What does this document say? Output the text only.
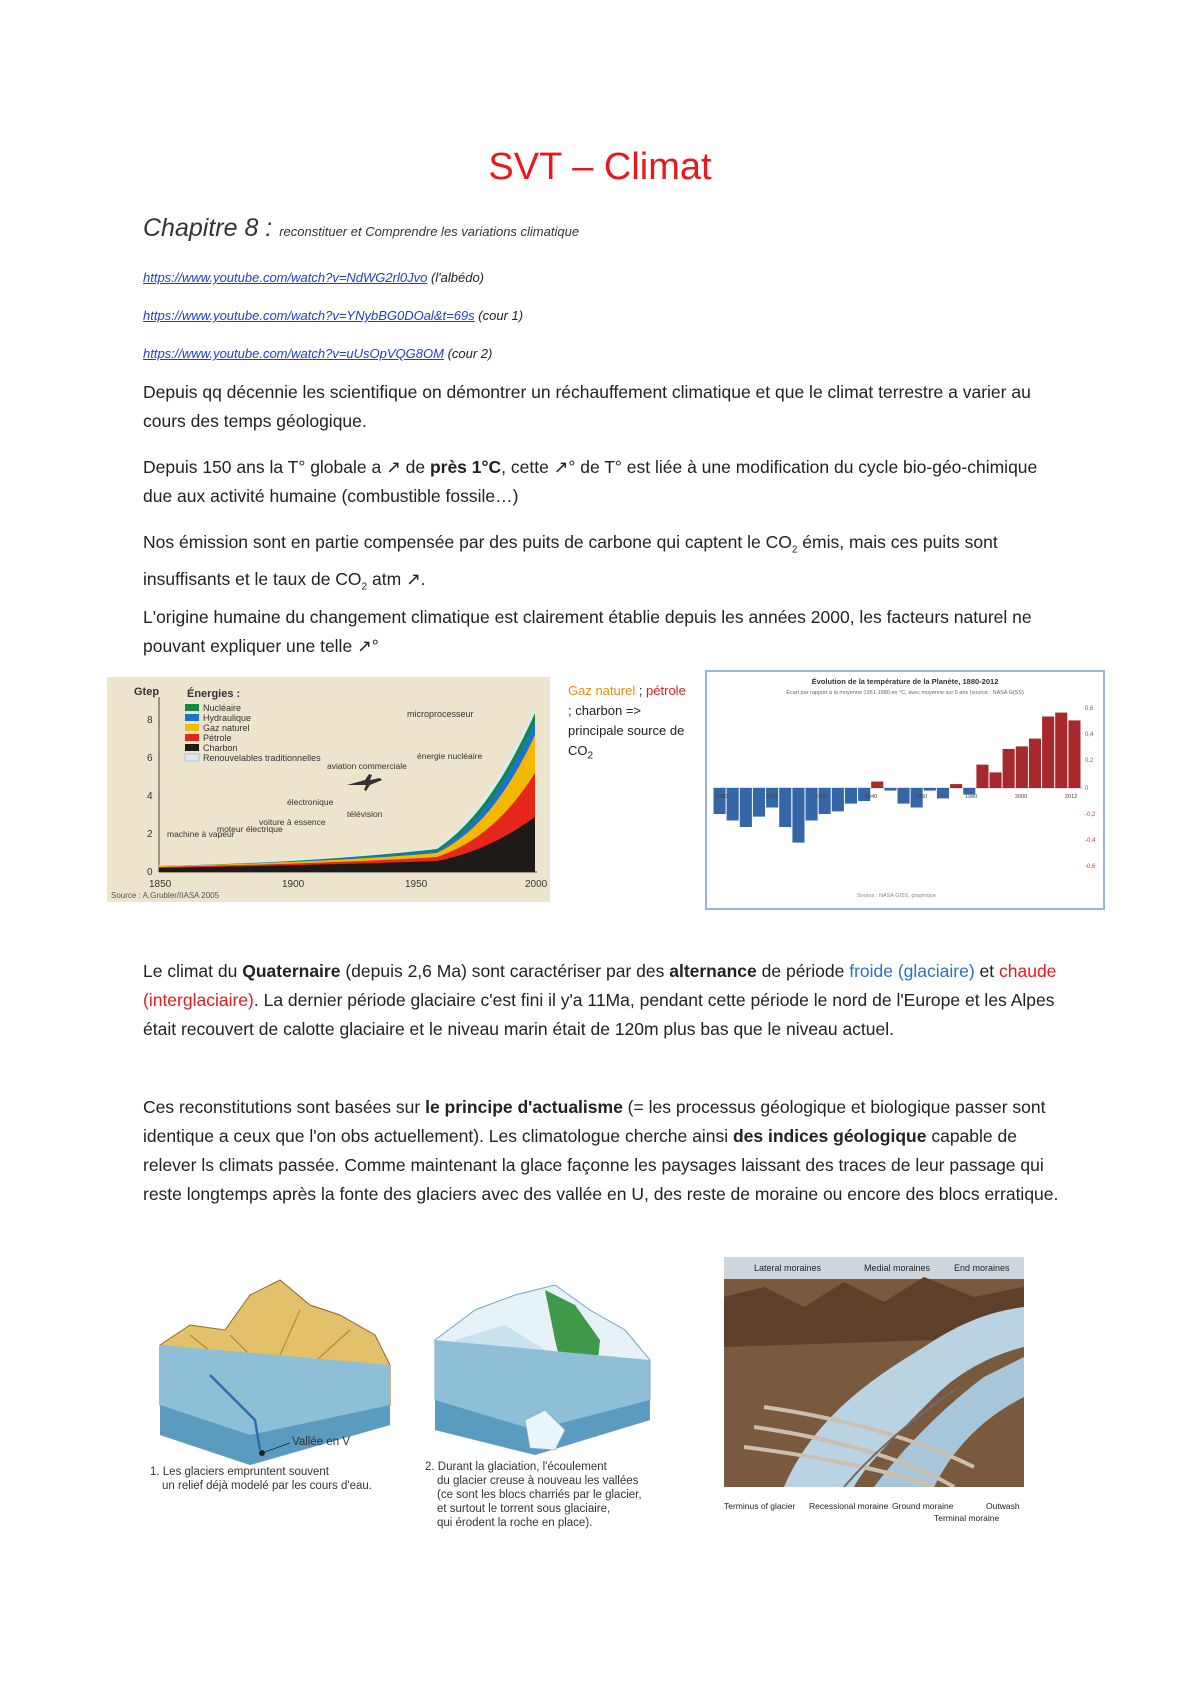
SVT – Climat
Chapitre 8 : reconstituer et Comprendre les variations climatique
https://www.youtube.com/watch?v=NdWG2rl0Jvo (l'albédo)
https://www.youtube.com/watch?v=YNybBG0DOal&t=69s (cour 1)
https://www.youtube.com/watch?v=uUsOpVQG8OM (cour 2)
Depuis qq décennie les scientifique on démontrer un réchauffement climatique et que le climat terrestre a varier au cours des temps géologique.
Depuis 150 ans la T° globale a ↗ de près 1°C, cette ↗° de T° est liée à une modification du cycle bio-géo-chimique due aux activité humaine (combustible fossile…)
Nos émission sont en partie compensée par des puits de carbone qui captent le $CO_2$ émis, mais ces puits sont insuffisants et le taux de $CO_2$ atm ↗.
L'origine humaine du changement climatique est clairement établie depuis les années 2000, les facteurs naturel ne pouvant expliquer une telle ↗°
Gtep
0
2
4
6
8
1850	1900	1950	2000
Énergies :
Nucléaire
Hydraulique
Gaz naturel
Pétrole
Charbon
Renouvelables traditionnelles
microprocesseur
énergie nucléaire
aviation commerciale
électronique
télévision
machine à vapeur
moteur électrique
voiture à essence
Source : A.Grubler/IIASA 2005
Gaz naturel ; pétrole ; charbon => principale source de $CO_2$
Évolution de la température de la Planète, 1880-2012
Écart par rapport à la moyenne 1951-1980 en °C, avec moyenne sur 5 ans (source : NASA GISS)
1880	1900	1920	1940	1960	1980	2000	2012
0,6
0,4
0,2
0
-0,2
-0,4
-0,6
Source : NASA GISS, graphique
Le climat du Quaternaire (depuis 2,6 Ma) sont caractériser par des alternance de période froide (glaciaire) et chaude (interglaciaire). La dernier période glaciaire c'est fini il y'a 11Ma, pendant cette période le nord de l'Europe et les Alpes était recouvert de calotte glaciaire et le niveau marin était de 120m plus bas que le niveau actuel.
Ces reconstitutions sont basées sur le principe d'actualisme (= les processus géologique et biologique passer sont identique a ceux que l'on obs actuellement). Les climatologue cherche ainsi des indices géologique capable de relever ls climats passée. Comme maintenant la glace façonne les paysages laissant des traces de leur passage qui reste longtemps après la fonte des glaciers avec des vallée en U, des reste de moraine ou encore des blocs erratique.
Vallée en V
1. Les glaciers empruntent souvent
un relief déjà modelé par les cours d'eau.
2. Durant la glaciation, l'écoulement
du glacier creuse à nouveau les vallées
(ce sont les blocs charriés par le glacier,
et surtout le torrent sous glaciaire,
qui érodent la roche en place).
Lateral moraines	Medial moraines	End moraines
Terminus of glacier Recessional moraine Ground moraine
Terminal moraine
Outwash
